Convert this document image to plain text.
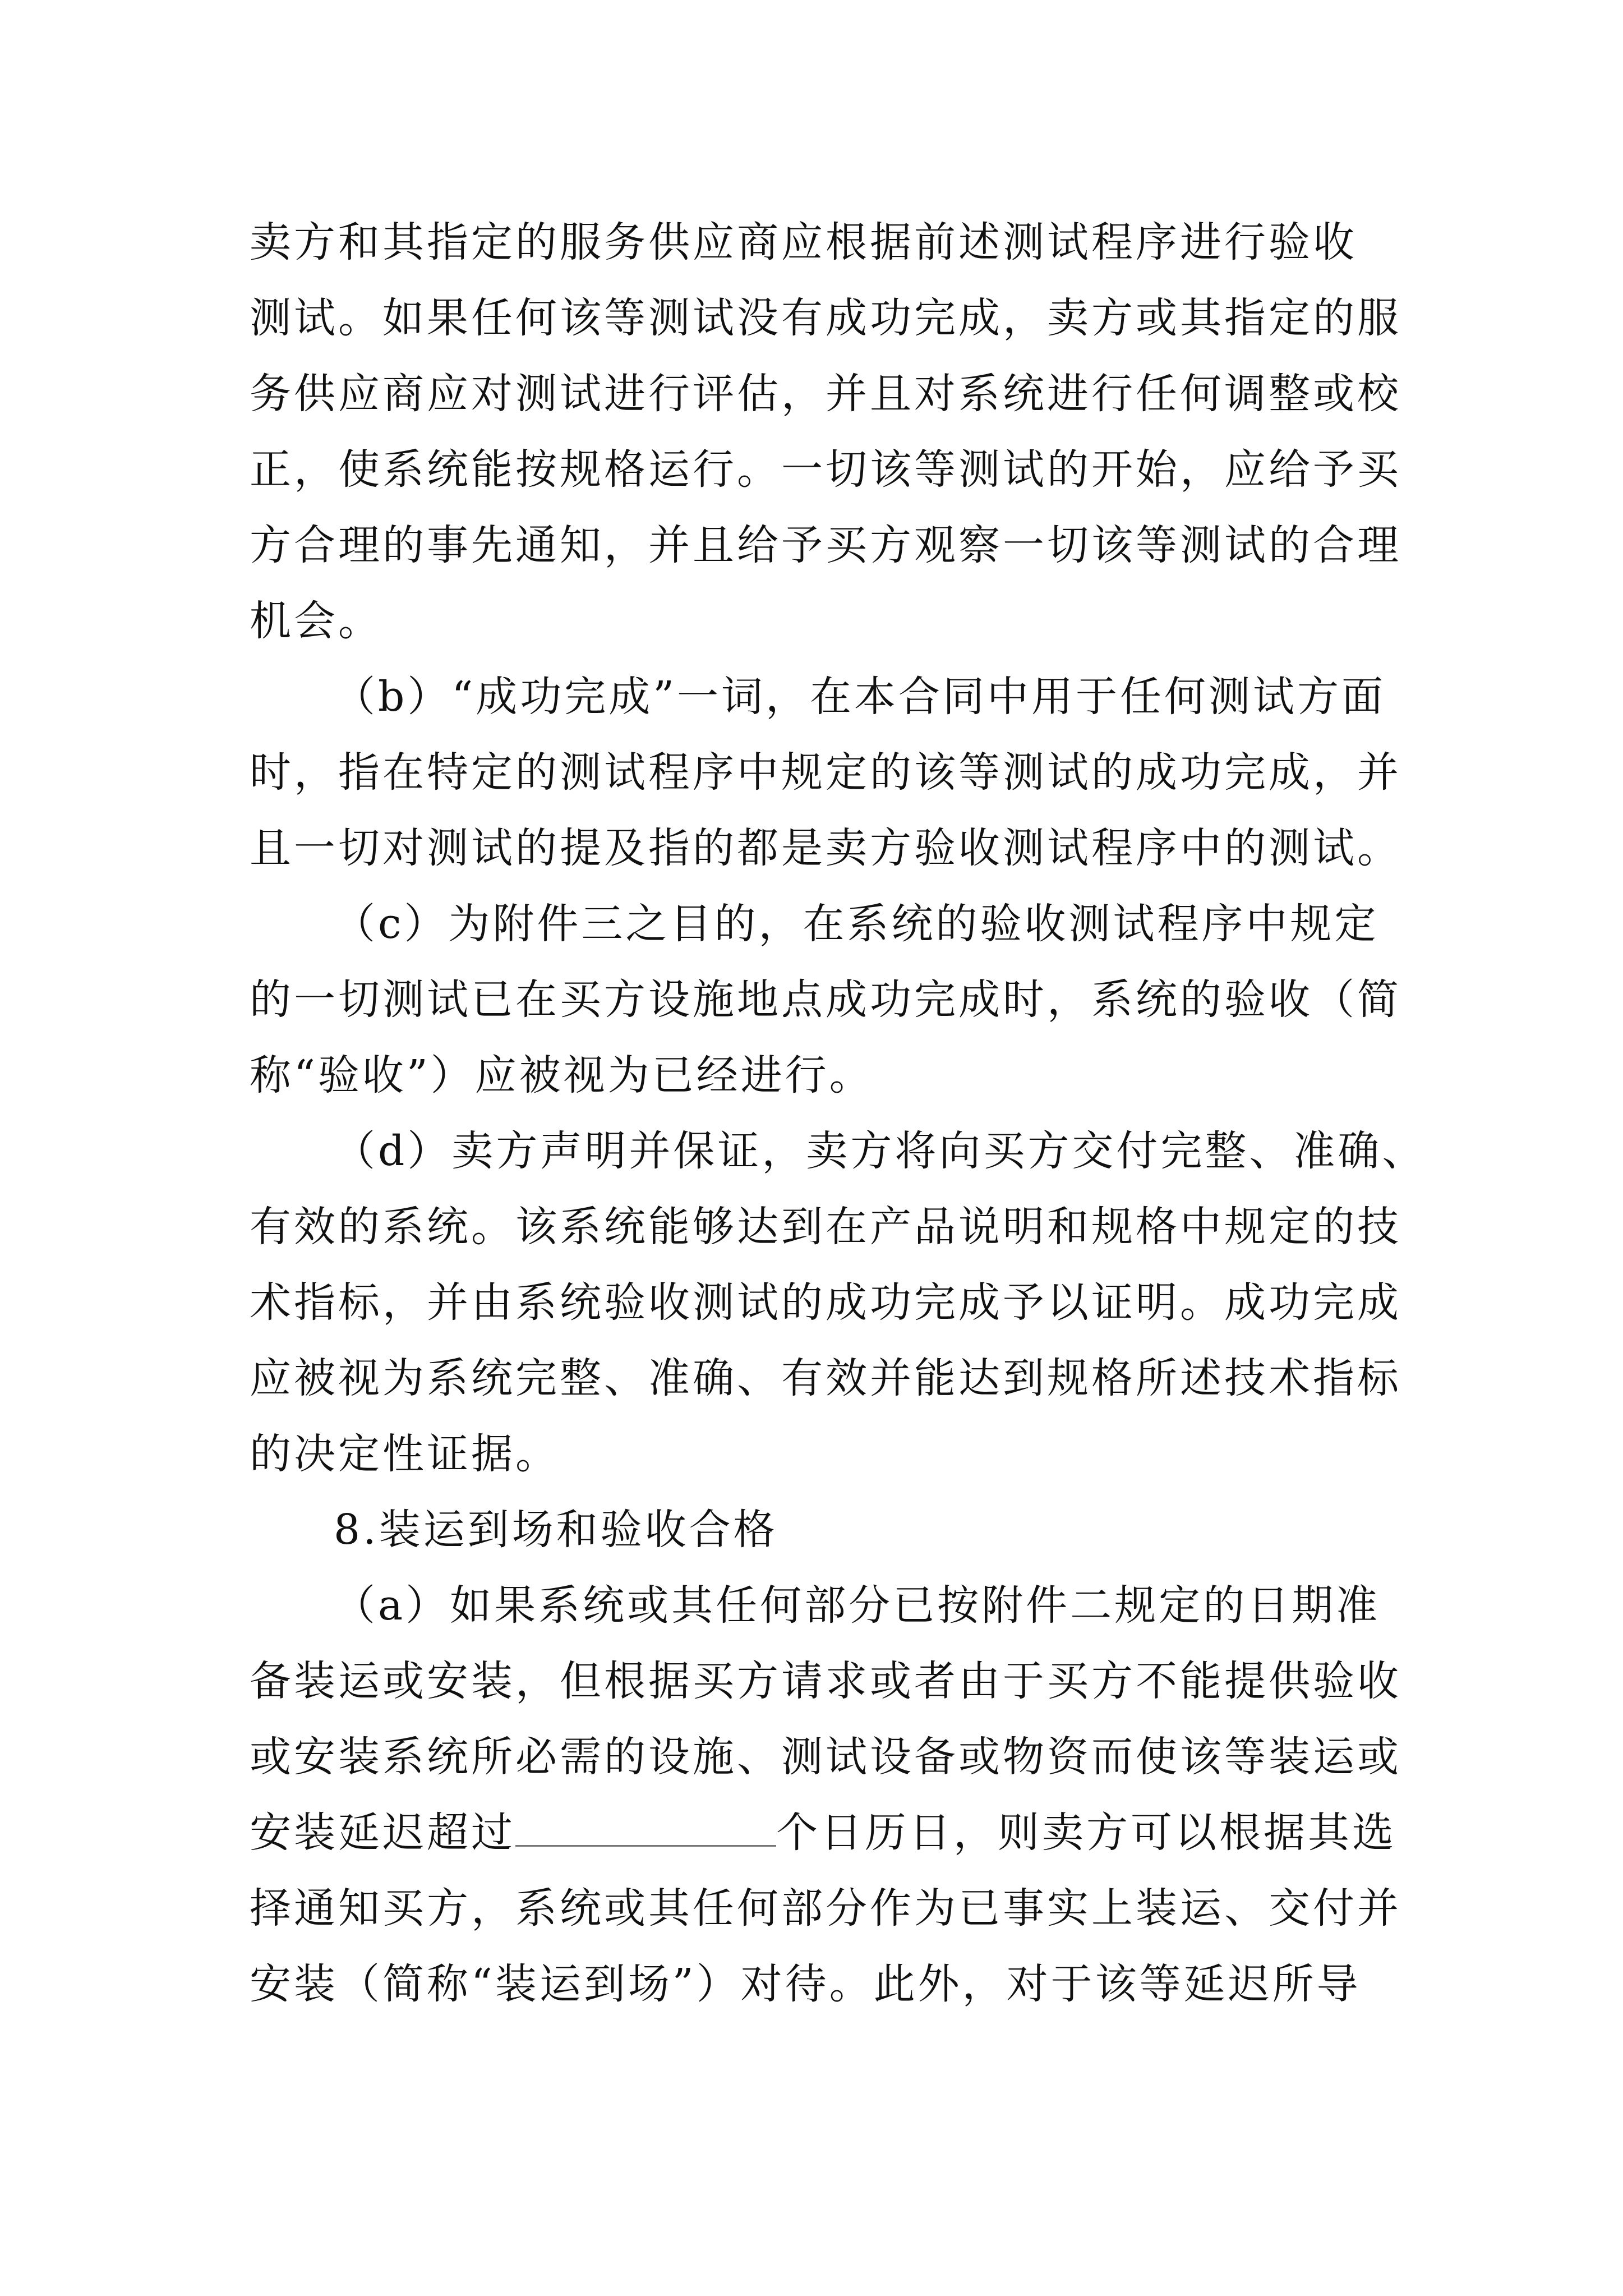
卖方和其指定的服务供应商应根据前述测试程序进行验收
测试。如果任何该等测试没有成功完成，卖方或其指定的服
务供应商应对测试进行评估，并且对系统进行任何调整或校
正，使系统能按规格运行。一切该等测试的开始，应给予买
方合理的事先通知，并且给予买方观察一切该等测试的合理
机会。
（b）“成功完成”一词，在本合同中用于任何测试方面
时，指在特定的测试程序中规定的该等测试的成功完成，并
且一切对测试的提及指的都是卖方验收测试程序中的测试。
（c）为附件三之目的，在系统的验收测试程序中规定
的一切测试已在买方设施地点成功完成时，系统的验收（简
称“验收”）应被视为已经进行。
（d）卖方声明并保证，卖方将向买方交付完整、准确、
有效的系统。该系统能够达到在产品说明和规格中规定的技
术指标，并由系统验收测试的成功完成予以证明。成功完成
应被视为系统完整、准确、有效并能达到规格所述技术指标
的决定性证据。
8.装运到场和验收合格
（a）如果系统或其任何部分已按附件二规定的日期准
备装运或安装，但根据买方请求或者由于买方不能提供验收
或安装系统所必需的设施、测试设备或物资而使该等装运或
安装延迟超过	个日历日，则卖方可以根据其选
择通知买方，系统或其任何部分作为已事实上装运、交付并
安装（简称“装运到场”）对待。此外，对于该等延迟所导
